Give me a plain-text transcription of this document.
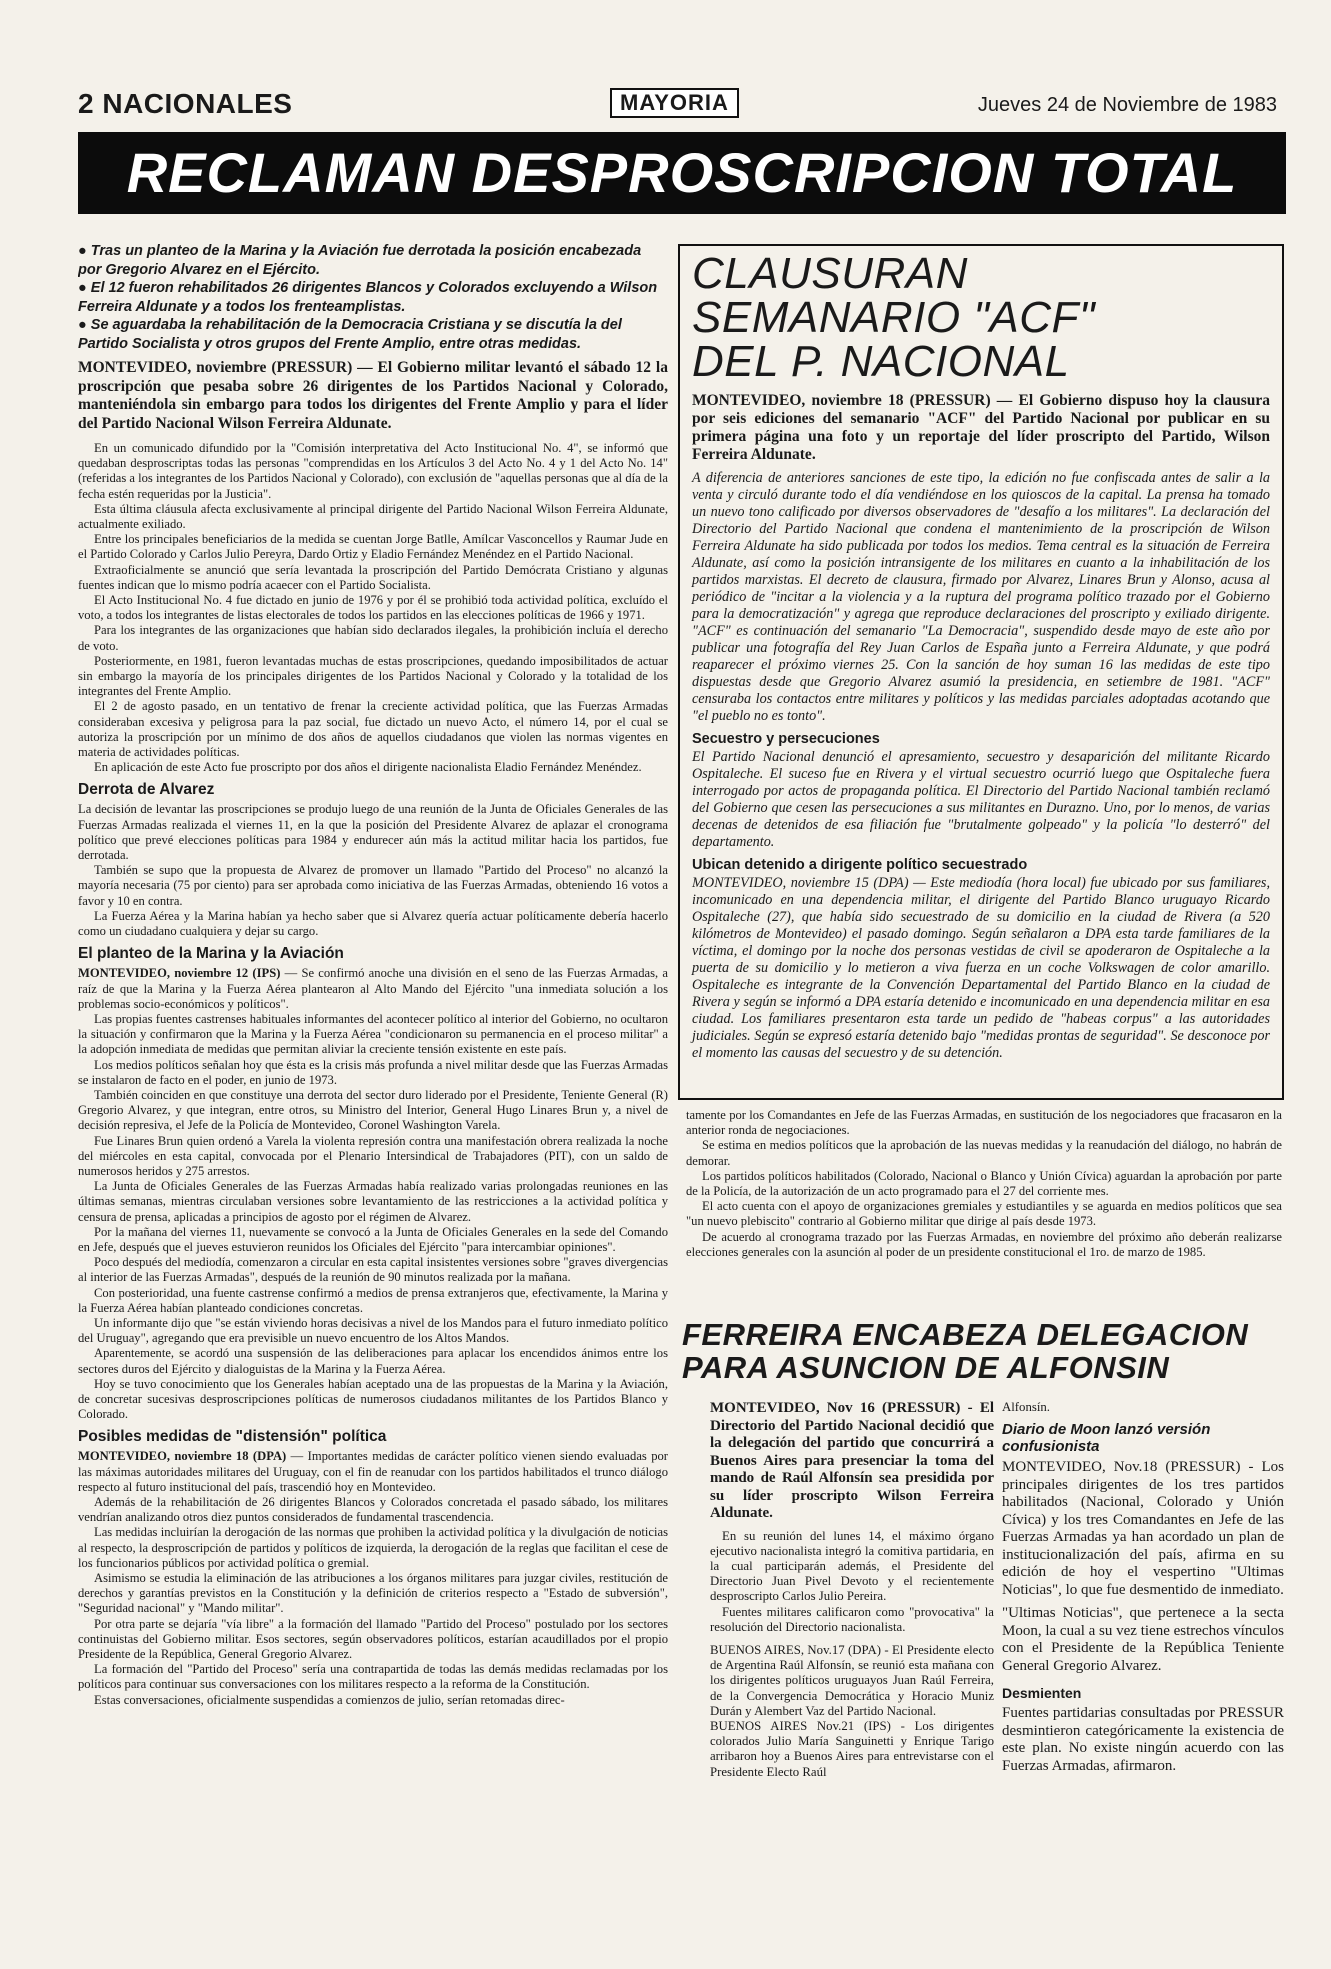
2 NACIONALES	MAYORIA	Jueves 24 de Noviembre de 1983
RECLAMAN DESPROSCRIPCION TOTAL

● Tras un planteo de la Marina y la Aviación fue derrotada la posición encabezada por Gregorio Alvarez en el Ejército.

● El 12 fueron rehabilitados 26 dirigentes Blancos y Colorados excluyendo a Wilson Ferreira Aldunate y a todos los frenteamplistas.

● Se aguardaba la rehabilitación de la Democracia Cristiana y se discutía la del Partido Socialista y otros grupos del Frente Amplio, entre otras medidas.

MONTEVIDEO, noviembre (PRESSUR) — El Gobierno militar levantó el sábado 12 la proscripción que pesaba sobre 26 dirigentes de los Partidos Nacional y Colorado, manteniéndola sin embargo para todos los dirigentes del Frente Amplio y para el líder del Partido Nacional Wilson Ferreira Aldunate.

En un comunicado difundido por la "Comisión interpretativa del Acto Institucional No. 4", se informó que quedaban desproscriptas todas las personas "comprendidas en los Artículos 3 del Acto No. 4 y 1 del Acto No. 14" (referidas a los integrantes de los Partidos Nacional y Colorado), con exclusión de "aquellas personas que al día de la fecha estén requeridas por la Justicia".

Esta última cláusula afecta exclusivamente al principal dirigente del Partido Nacional Wilson Ferreira Aldunate, actualmente exiliado.

Entre los principales beneficiarios de la medida se cuentan Jorge Batlle, Amílcar Vasconcellos y Raumar Jude en el Partido Colorado y Carlos Julio Pereyra, Dardo Ortiz y Eladio Fernández Menéndez en el Partido Nacional.

Extraoficialmente se anunció que sería levantada la proscripción del Partido Demócrata Cristiano y algunas fuentes indican que lo mismo podría acaecer con el Partido Socialista.

El Acto Institucional No. 4 fue dictado en junio de 1976 y por él se prohibió toda actividad política, excluído el voto, a todos los integrantes de listas electorales de todos los partidos en las elecciones políticas de 1966 y 1971.

Para los integrantes de las organizaciones que habían sido declarados ilegales, la prohibición incluía el derecho de voto.

Posteriormente, en 1981, fueron levantadas muchas de estas proscripciones, quedando imposibilitados de actuar sin embargo la mayoría de los principales dirigentes de los Partidos Nacional y Colorado y la totalidad de los integrantes del Frente Amplio.

El 2 de agosto pasado, en un tentativo de frenar la creciente actividad política, que las Fuerzas Armadas consideraban excesiva y peligrosa para la paz social, fue dictado un nuevo Acto, el número 14, por el cual se autoriza la proscripción por un mínimo de dos años de aquellos ciudadanos que violen las normas vigentes en materia de actividades políticas.

En aplicación de este Acto fue proscripto por dos años el dirigente nacionalista Eladio Fernández Menéndez.

Derrota de Alvarez

La decisión de levantar las proscripciones se produjo luego de una reunión de la Junta de Oficiales Generales de las Fuerzas Armadas realizada el viernes 11, en la que la posición del Presidente Alvarez de aplazar el cronograma político que prevé elecciones políticas para 1984 y endurecer aún más la actitud militar hacia los partidos, fue derrotada.

También se supo que la propuesta de Alvarez de promover un llamado "Partido del Proceso" no alcanzó la mayoría necesaria (75 por ciento) para ser aprobada como iniciativa de las Fuerzas Armadas, obteniendo 16 votos a favor y 10 en contra.

La Fuerza Aérea y la Marina habían ya hecho saber que si Alvarez quería actuar políticamente debería hacerlo como un ciudadano cualquiera y dejar su cargo.

El planteo de la Marina y la Aviación

MONTEVIDEO, noviembre 12 (IPS) — Se confirmó anoche una división en el seno de las Fuerzas Armadas, a raíz de que la Marina y la Fuerza Aérea plantearon al Alto Mando del Ejército "una inmediata solución a los problemas socio-económicos y políticos".

Las propias fuentes castrenses habituales informantes del acontecer político al interior del Gobierno, no ocultaron la situación y confirmaron que la Marina y la Fuerza Aérea "condicionaron su permanencia en el proceso militar" a la adopción inmediata de medidas que permitan aliviar la creciente tensión existente en este país.

Los medios políticos señalan hoy que ésta es la crisis más profunda a nivel militar desde que las Fuerzas Armadas se instalaron de facto en el poder, en junio de 1973.

También coinciden en que constituye una derrota del sector duro liderado por el Presidente, Teniente General (R) Gregorio Alvarez, y que integran, entre otros, su Ministro del Interior, General Hugo Linares Brun y, a nivel de decisión represiva, el Jefe de la Policía de Montevideo, Coronel Washington Varela.

Fue Linares Brun quien ordenó a Varela la violenta represión contra una manifestación obrera realizada la noche del miércoles en esta capital, convocada por el Plenario Intersindical de Trabajadores (PIT), con un saldo de numerosos heridos y 275 arrestos.

La Junta de Oficiales Generales de las Fuerzas Armadas había realizado varias prolongadas reuniones en las últimas semanas, mientras circulaban versiones sobre levantamiento de las restricciones a la actividad política y censura de prensa, aplicadas a principios de agosto por el régimen de Alvarez.

Por la mañana del viernes 11, nuevamente se convocó a la Junta de Oficiales Generales en la sede del Comando en Jefe, después que el jueves estuvieron reunidos los Oficiales del Ejército "para intercambiar opiniones".

Poco después del mediodía, comenzaron a circular en esta capital insistentes versiones sobre "graves divergencias al interior de las Fuerzas Armadas", después de la reunión de 90 minutos realizada por la mañana.

Con posterioridad, una fuente castrense confirmó a medios de prensa extranjeros que, efectivamente, la Marina y la Fuerza Aérea habían planteado condiciones concretas.

Un informante dijo que "se están viviendo horas decisivas a nivel de los Mandos para el futuro inmediato político del Uruguay", agregando que era previsible un nuevo encuentro de los Altos Mandos.

Aparentemente, se acordó una suspensión de las deliberaciones para aplacar los encendidos ánimos entre los sectores duros del Ejército y dialoguistas de la Marina y la Fuerza Aérea.

Hoy se tuvo conocimiento que los Generales habían aceptado una de las propuestas de la Marina y la Aviación, de concretar sucesivas desproscripciones políticas de numerosos ciudadanos militantes de los Partidos Blanco y Colorado.

Posibles medidas de "distensión" política

MONTEVIDEO, noviembre 18 (DPA) — Importantes medidas de carácter político vienen siendo evaluadas por las máximas autoridades militares del Uruguay, con el fin de reanudar con los partidos habilitados el trunco diálogo respecto al futuro institucional del país, trascendió hoy en Montevideo.

Además de la rehabilitación de 26 dirigentes Blancos y Colorados concretada el pasado sábado, los militares vendrían analizando otros diez puntos considerados de fundamental trascendencia.

Las medidas incluirían la derogación de las normas que prohiben la actividad política y la divulgación de noticias al respecto, la desproscripción de partidos y políticos de izquierda, la derogación de la reglas que facilitan el cese de los funcionarios públicos por actividad política o gremial.

Asimismo se estudia la eliminación de las atribuciones a los órganos militares para juzgar civiles, restitución de derechos y garantías previstos en la Constitución y la definición de criterios respecto a "Estado de subversión", "Seguridad nacional" y "Mando militar".

Por otra parte se dejaría "vía libre" a la formación del llamado "Partido del Proceso" postulado por los sectores continuistas del Gobierno militar. Esos sectores, según observadores políticos, estarían acaudillados por el propio Presidente de la República, General Gregorio Alvarez.

La formación del "Partido del Proceso" sería una contrapartida de todas las demás medidas reclamadas por los políticos para continuar sus conversaciones con los militares respecto a la reforma de la Constitución.

Estas conversaciones, oficialmente suspendidas a comienzos de julio, serían retomadas direc-

CLAUSURAN
SEMANARIO "ACF"
DEL P. NACIONAL
MONTEVIDEO, noviembre 18 (PRESSUR) — El Gobierno dispuso hoy la clausura por seis ediciones del semanario "ACF" del Partido Nacional por publicar en su primera página una foto y un reportaje del líder proscripto del Partido, Wilson Ferreira Aldunate.

A diferencia de anteriores sanciones de este tipo, la edición no fue confiscada antes de salir a la venta y circuló durante todo el día vendiéndose en los quioscos de la capital. La prensa ha tomado un nuevo tono calificado por diversos observadores de "desafío a los militares". La declaración del Directorio del Partido Nacional que condena el mantenimiento de la proscripción de Wilson Ferreira Aldunate ha sido publicada por todos los medios. Tema central es la situación de Ferreira Aldunate, así como la posición intransigente de los militares en cuanto a la inhabilitación de los partidos marxistas. El decreto de clausura, firmado por Alvarez, Linares Brun y Alonso, acusa al periódico de "incitar a la violencia y a la ruptura del programa político trazado por el Gobierno para la democratización" y agrega que reproduce declaraciones del proscripto y exiliado dirigente. "ACF" es continuación del semanario "La Democracia", suspendido desde mayo de este año por publicar una fotografía del Rey Juan Carlos de España junto a Ferreira Aldunate, y que podrá reaparecer el próximo viernes 25. Con la sanción de hoy suman 16 las medidas de este tipo dispuestas desde que Gregorio Alvarez asumió la presidencia, en setiembre de 1981. "ACF" censuraba los contactos entre militares y políticos y las medidas parciales adoptadas acotando que "el pueblo no es tonto".

Secuestro y persecuciones

El Partido Nacional denunció el apresamiento, secuestro y desaparición del militante Ricardo Ospitaleche. El suceso fue en Rivera y el virtual secuestro ocurrió luego que Ospitaleche fuera interrogado por actos de propaganda política. El Directorio del Partido Nacional también reclamó del Gobierno que cesen las persecuciones a sus militantes en Durazno. Uno, por lo menos, de varias decenas de detenidos de esa filiación fue "brutalmente golpeado" y la policía "lo desterró" del departamento.

Ubican detenido a dirigente político secuestrado

MONTEVIDEO, noviembre 15 (DPA) — Este mediodía (hora local) fue ubicado por sus familiares, incomunicado en una dependencia militar, el dirigente del Partido Blanco uruguayo Ricardo Ospitaleche (27), que había sido secuestrado de su domicilio en la ciudad de Rivera (a 520 kilómetros de Montevideo) el pasado domingo. Según señalaron a DPA esta tarde familiares de la víctima, el domingo por la noche dos personas vestidas de civil se apoderaron de Ospitaleche a la puerta de su domicilio y lo metieron a viva fuerza en un coche Volkswagen de color amarillo. Ospitaleche es integrante de la Convención Departamental del Partido Blanco en la ciudad de Rivera y según se informó a DPA estaría detenido e incomunicado en una dependencia militar en esa ciudad. Los familiares presentaron esta tarde un pedido de "habeas corpus" a las autoridades judiciales. Según se expresó estaría detenido bajo "medidas prontas de seguridad". Se desconoce por el momento las causas del secuestro y de su detención.

tamente por los Comandantes en Jefe de las Fuerzas Armadas, en sustitución de los negociadores que fracasaron en la anterior ronda de negociaciones.

Se estima en medios políticos que la aprobación de las nuevas medidas y la reanudación del diálogo, no habrán de demorar.

Los partidos políticos habilitados (Colorado, Nacional o Blanco y Unión Cívica) aguardan la aprobación por parte de la Policía, de la autorización de un acto programado para el 27 del corriente mes.

El acto cuenta con el apoyo de organizaciones gremiales y estudiantiles y se aguarda en medios políticos que sea "un nuevo plebiscito" contrario al Gobierno militar que dirige al país desde 1973.

De acuerdo al cronograma trazado por las Fuerzas Armadas, en noviembre del próximo año deberán realizarse elecciones generales con la asunción al poder de un presidente constitucional el 1ro. de marzo de 1985.

FERREIRA ENCABEZA DELEGACION
PARA ASUNCION DE ALFONSIN
MONTEVIDEO, Nov 16 (PRESSUR) - El Directorio del Partido Nacional decidió que la delegación del partido que concurrirá a Buenos Aires para presenciar la toma del mando de Raúl Alfonsín sea presidida por su líder proscripto Wilson Ferreira Aldunate.

En su reunión del lunes 14, el máximo órgano ejecutivo nacionalista integró la comitiva partidaria, en la cual participarán además, el Presidente del Directorio Juan Pivel Devoto y el recientemente desproscripto Carlos Julio Pereira.

Fuentes militares calificaron como "provocativa" la resolución del Directorio nacionalista.

BUENOS AIRES, Nov.17 (DPA) - El Presidente electo de Argentina Raúl Alfonsín, se reunió esta mañana con los dirigentes políticos uruguayos Juan Raúl Ferreira, de la Convergencia Democrática y Horacio Muniz Durán y Alembert Vaz del Partido Nacional.

BUENOS AIRES Nov.21 (IPS) - Los dirigentes colorados Julio María Sanguinetti y Enrique Tarigo arribaron hoy a Buenos Aires para entrevistarse con el Presidente Electo Raúl

Alfonsín.

Diario de Moon lanzó versión confusionista

MONTEVIDEO, Nov.18 (PRESSUR) - Los principales dirigentes de los tres partidos habilitados (Nacional, Colorado y Unión Cívica) y los tres Comandantes en Jefe de las Fuerzas Armadas ya han acordado un plan de institucionalización del país, afirma en su edición de hoy el vespertino "Ultimas Noticias", lo que fue desmentido de inmediato.

"Ultimas Noticias", que pertenece a la secta Moon, la cual a su vez tiene estrechos vínculos con el Presidente de la República Teniente General Gregorio Alvarez.

Desmienten

Fuentes partidarias consultadas por PRESSUR desmintieron categóricamente la existencia de este plan. No existe ningún acuerdo con las Fuerzas Armadas, afirmaron.
